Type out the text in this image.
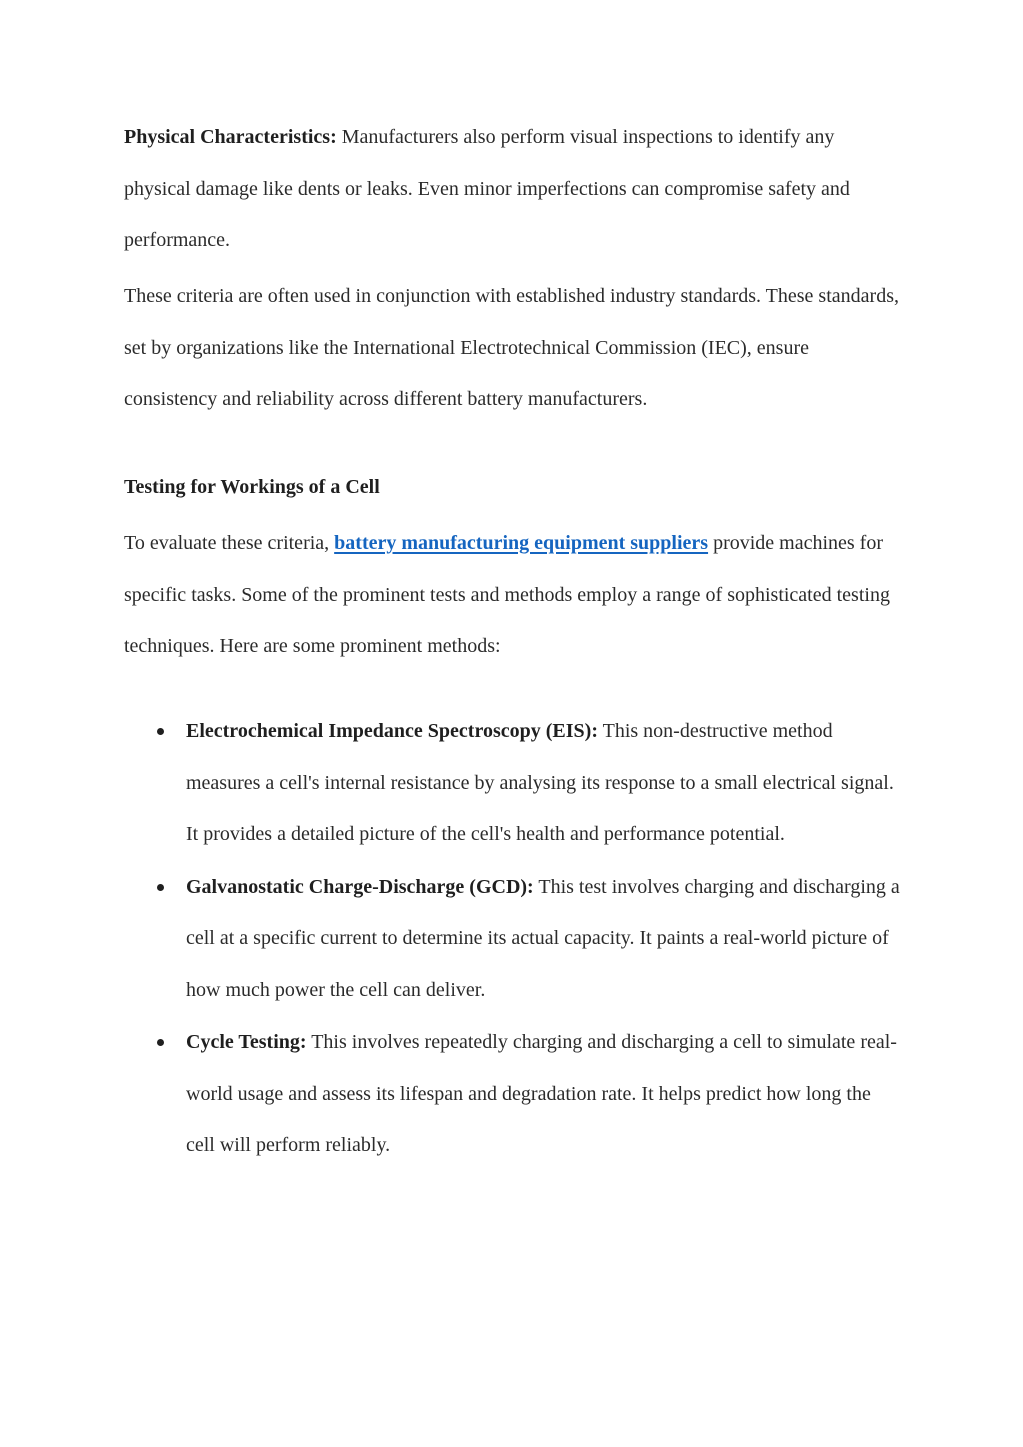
Physical Characteristics: Manufacturers also perform visual inspections to identify any physical damage like dents or leaks. Even minor imperfections can compromise safety and performance.

These criteria are often used in conjunction with established industry standards. These standards, set by organizations like the International Electrotechnical Commission (IEC), ensure consistency and reliability across different battery manufacturers.

Testing for Workings of a Cell

To evaluate these criteria, battery manufacturing equipment suppliers provide machines for specific tasks. Some of the prominent tests and methods employ a range of sophisticated testing techniques. Here are some prominent methods:

Electrochemical Impedance Spectroscopy (EIS): This non-destructive method measures a cell's internal resistance by analysing its response to a small electrical signal. It provides a detailed picture of the cell's health and performance potential.
Galvanostatic Charge-Discharge (GCD): This test involves charging and discharging a cell at a specific current to determine its actual capacity. It paints a real-world picture of how much power the cell can deliver.
Cycle Testing: This involves repeatedly charging and discharging a cell to simulate real-world usage and assess its lifespan and degradation rate. It helps predict how long the cell will perform reliably.
